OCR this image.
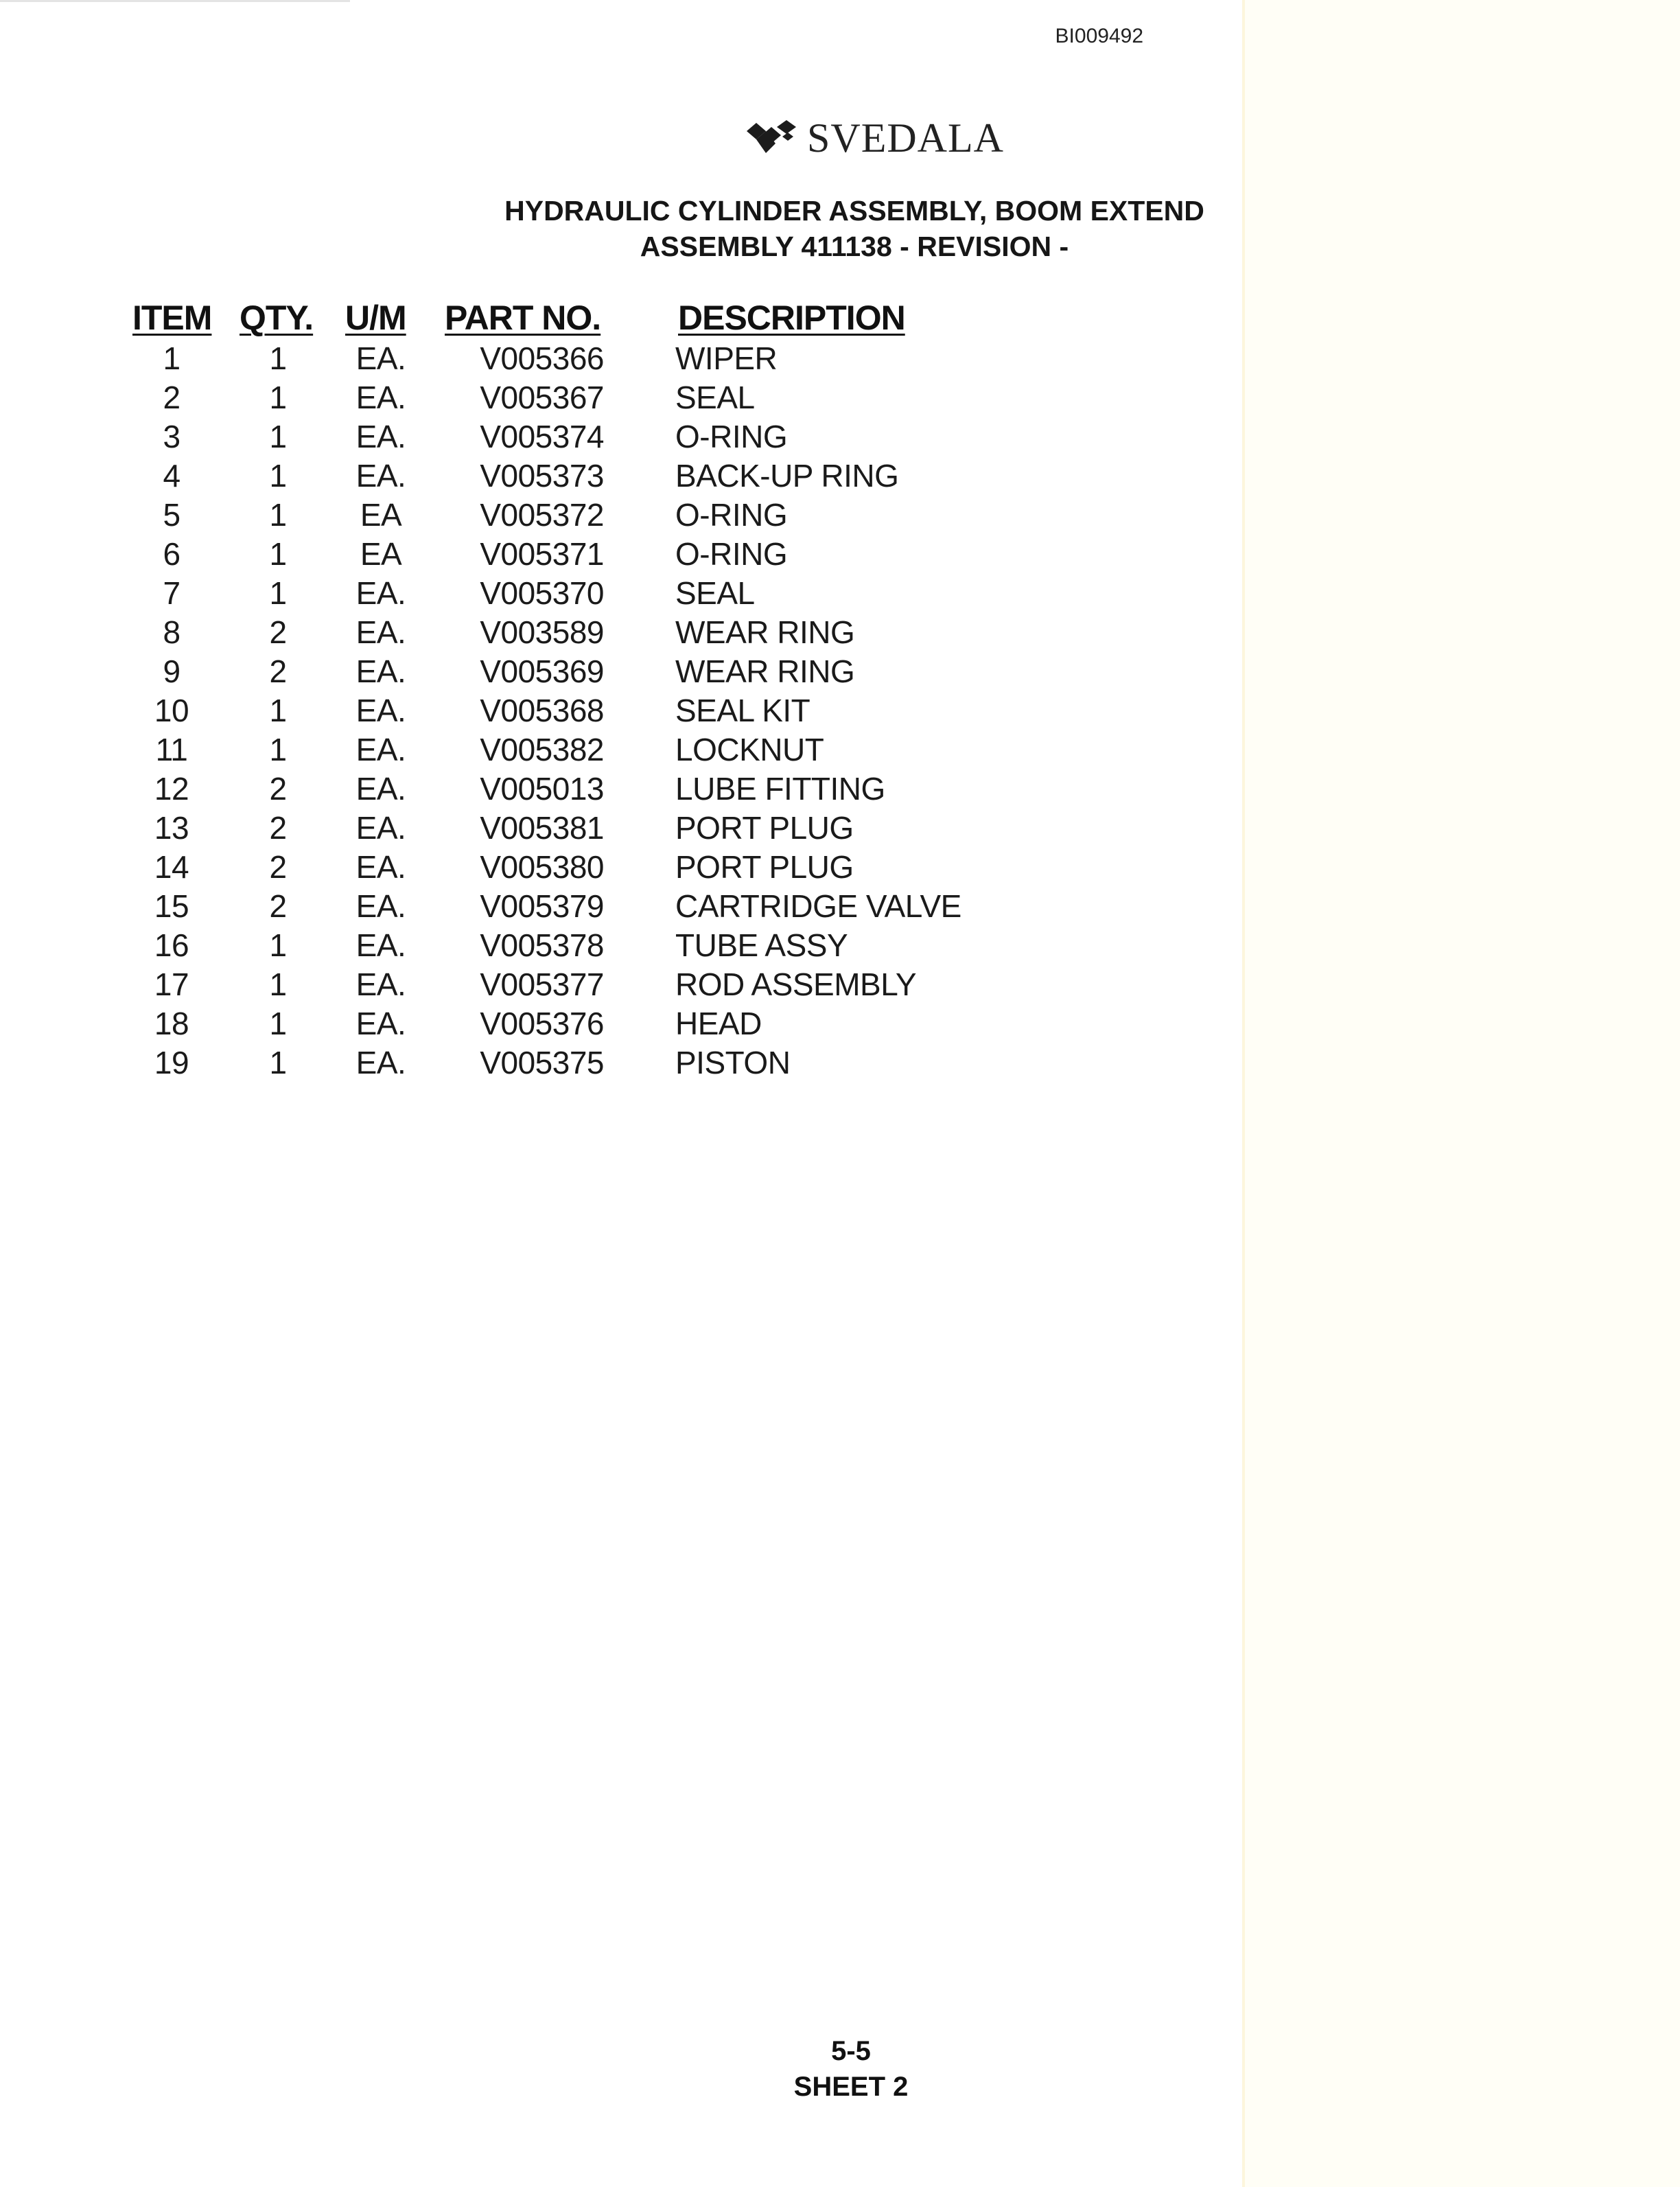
BI009492
SVEDALA
HYDRAULIC CYLINDER ASSEMBLY, BOOM EXTEND
ASSEMBLY 411138 - REVISION -
ITEM QTY. U/M PART NO. DESCRIPTION
1	1	EA.	V005366 WIPER
2	1	EA.	V005367 SEAL
3	1	EA.	V005374 O-RING
4	1	EA.	V005373 BACK-UP RING
5	1	EA	V005372 O-RING
6	1	EA	V005371 O-RING
7	1	EA.	V005370 SEAL
8	2	EA.	V003589 WEAR RING
9	2	EA.	V005369 WEAR RING
10	1	EA.	V005368 SEAL KIT
11	1	EA.	V005382 LOCKNUT
12	2	EA.	V005013 LUBE FITTING
13	2	EA.	V005381 PORT PLUG
14	2	EA.	V005380 PORT PLUG
15	2	EA.	V005379 CARTRIDGE VALVE
16	1	EA.	V005378 TUBE ASSY
17	1	EA.	V005377 ROD ASSEMBLY
18	1	EA.	V005376 HEAD
19	1	EA.	V005375 PISTON
5-5
SHEET 2
